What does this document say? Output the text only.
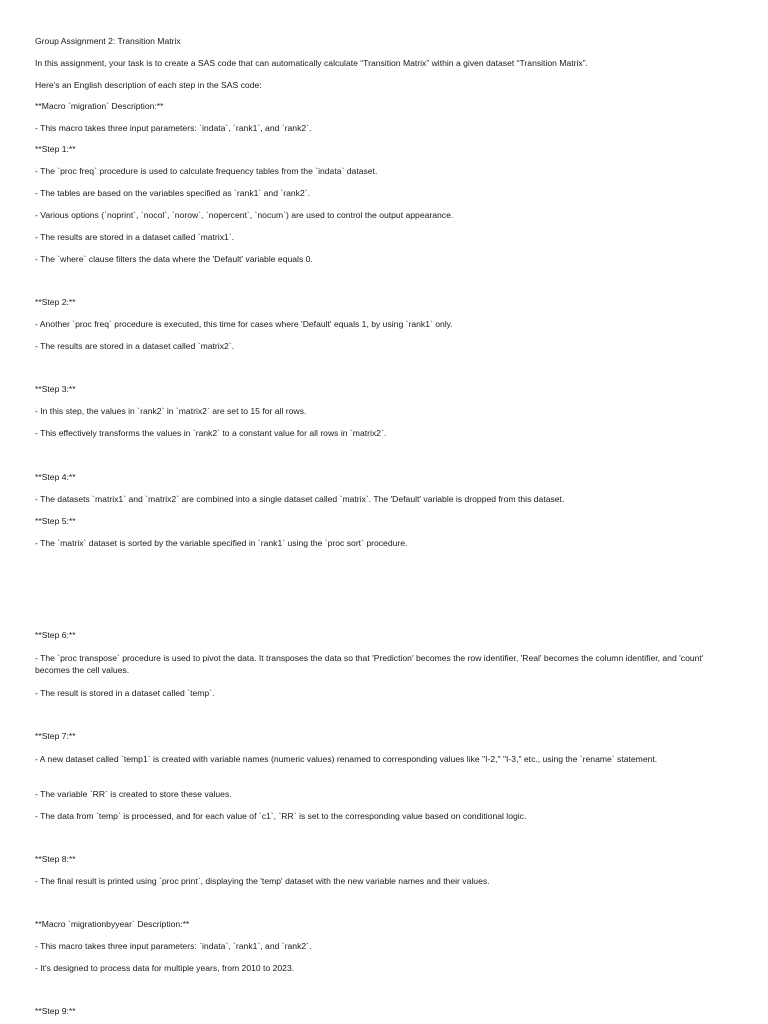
Group Assignment 2: Transition Matrix
In this assignment, your task is to create a SAS code that can automatically calculate “Transition Matrix” within a given dataset “Transition Matrix”.
Here's an English description of each step in the SAS code:
**Macro `migration` Description:**
- This macro takes three input parameters: `indata`, `rank1`, and `rank2`.
**Step 1:**
- The `proc freq` procedure is used to calculate frequency tables from the `indata` dataset.
- The tables are based on the variables specified as `rank1` and `rank2`.
- Various options (`noprint`, `nocol`, `norow`, `nopercent`, `nocum`) are used to control the output appearance.
- The results are stored in a dataset called `matrix1`.
- The `where` clause filters the data where the 'Default' variable equals 0.
**Step 2:**
- Another `proc freq` procedure is executed, this time for cases where 'Default' equals 1, by using `rank1` only.
- The results are stored in a dataset called `matrix2`.
**Step 3:**
- In this step, the values in `rank2` in `matrix2` are set to 15 for all rows.
- This effectively transforms the values in `rank2` to a constant value for all rows in `matrix2`.
**Step 4:**
- The datasets `matrix1` and `matrix2` are combined into a single dataset called `matrix`. The 'Default' variable is dropped from this dataset.
**Step 5:**
- The `matrix` dataset is sorted by the variable specified in `rank1` using the `proc sort` procedure.
**Step 6:**
- The `proc transpose` procedure is used to pivot the data. It transposes the data so that 'Prediction' becomes the row identifier, 'Real' becomes the column identifier, and 'count' becomes the cell values.
- The result is stored in a dataset called `temp`.
**Step 7:**
- A new dataset called `temp1` is created with variable names (numeric values) renamed to corresponding values like "I-2," "I-3," etc., using the `rename` statement.
- The variable `RR` is created to store these values.
- The data from `temp` is processed, and for each value of `c1`, `RR` is set to the corresponding value based on conditional logic.
**Step 8:**
- The final result is printed using `proc print`, displaying the 'temp' dataset with the new variable names and their values.
**Macro `migrationbyyear` Description:**
- This macro takes three input parameters: `indata`, `rank1`, and `rank2`.
- It's designed to process data for multiple years, from 2010 to 2023.
**Step 9:**
